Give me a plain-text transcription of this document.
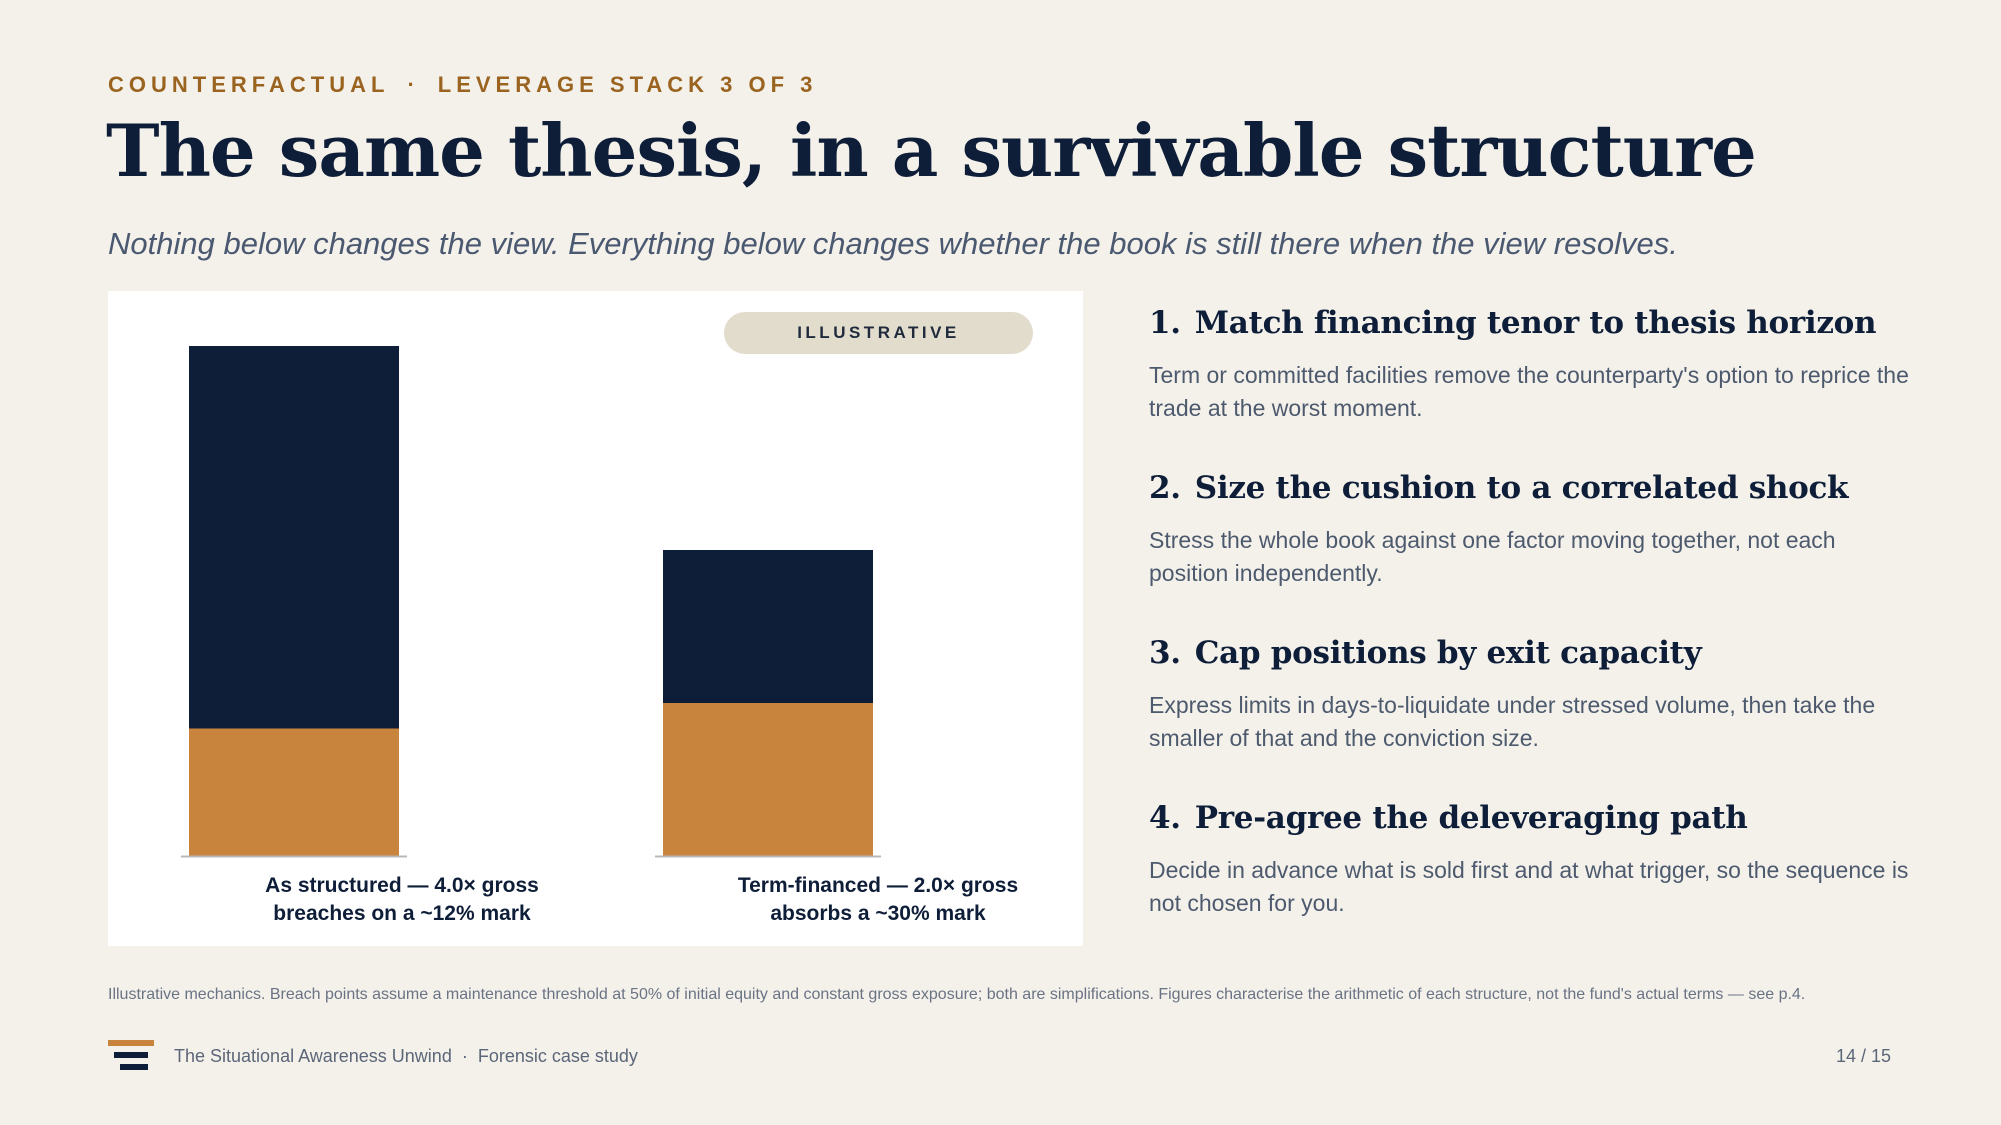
COUNTERFACTUAL · LEVERAGE STACK 3 OF 3
The same thesis, in a survivable structure

Nothing below changes the view. Everything below changes whether the book is still there when the view resolves.

ILLUSTRATIVE
As structured — 4.0× gross
breaches on a ~12% mark
Term-financed — 2.0× gross
absorbs a ~30% mark
1. Match financing tenor to thesis horizon
Term or committed facilities remove the counterparty's option to reprice the trade at the worst moment.
2. Size the cushion to a correlated shock
Stress the whole book against one factor moving together, not each position independently.
3. Cap positions by exit capacity
Express limits in days-to-liquidate under stressed volume, then take the smaller of that and the conviction size.
4. Pre-agree the deleveraging path
Decide in advance what is sold first and at what trigger, so the sequence is not chosen for you.

Illustrative mechanics. Breach points assume a maintenance threshold at 50% of initial equity and constant gross exposure; both are simplifications. Figures characterise the arithmetic of each structure, not the fund's actual terms — see p.4.

The Situational Awareness Unwind · Forensic case study	14 / 15
